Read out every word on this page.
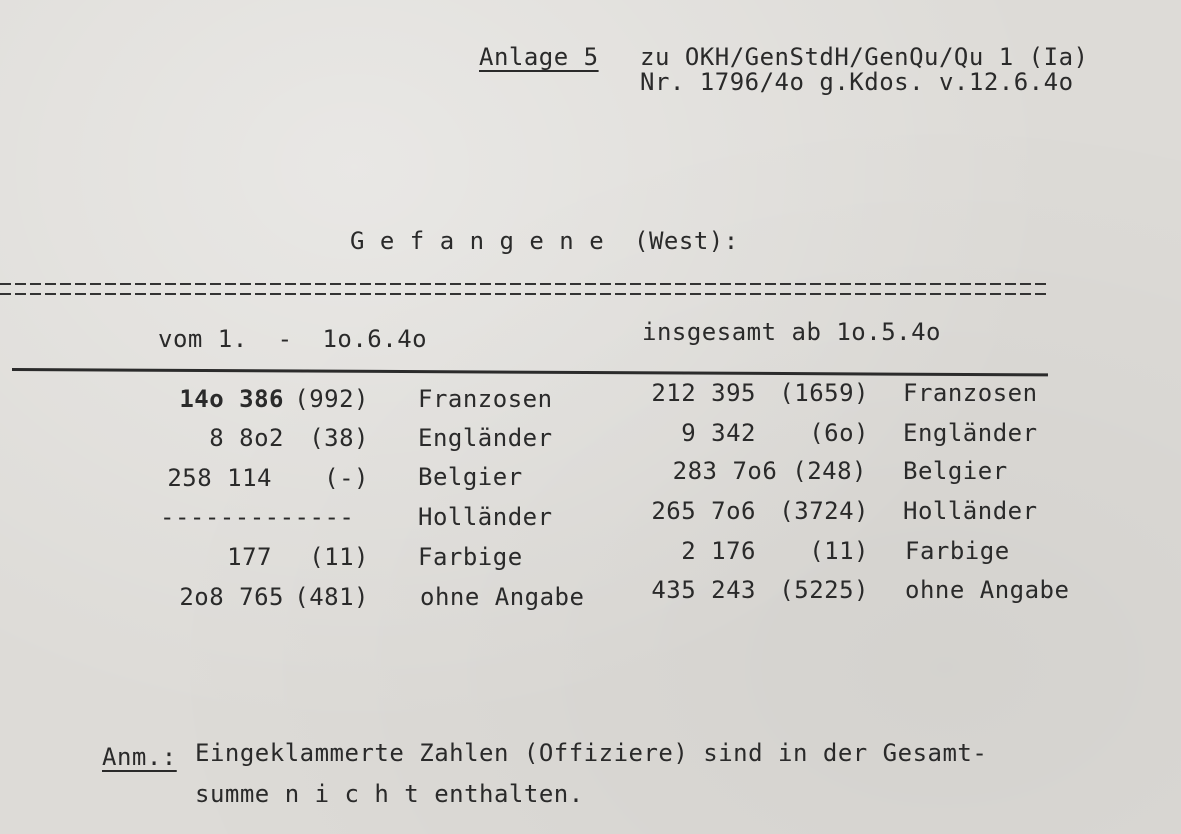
Anlage 5 zu OKH/GenStdH/GenQu/Qu 1 (Ia)
Nr. 1796/4o g.Kdos. v.12.6.4o
G e f a n g e n e  (West):
vom 1.  -  1o.6.4o	insgesamt ab 1o.5.4o
14o 386 (992) Franzosen	212 395 (1659) Franzosen
8 8o2 (38) Engländer	9 342 (6o) Engländer
258 114 (-) Belgier	283 7o6 (248) Belgier
-------------	Holländer	265 7o6 (3724) Holländer
177 (11) Farbige	2 176 (11) Farbige
2o8 765 (481) ohne Angabe	435 243 (5225) ohne Angabe
Anm.: Eingeklammerte Zahlen (Offiziere) sind in der Gesamt-
summe n i c h t enthalten.
